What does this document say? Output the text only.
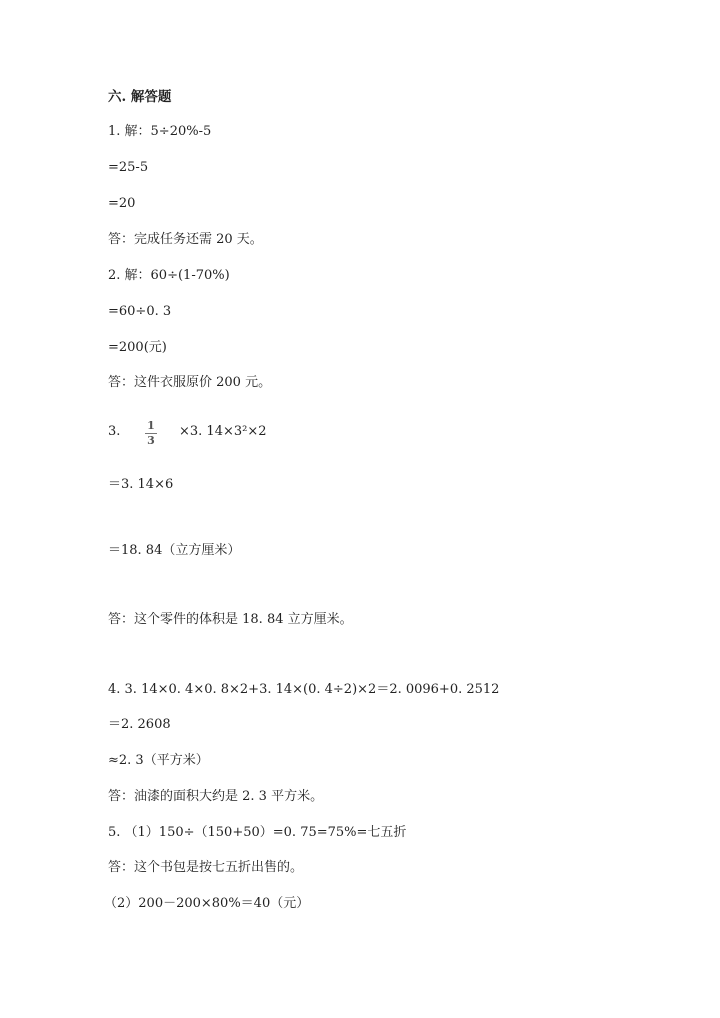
六. 解答题
1. 解：5÷20%-5
=25-5
=20
答：完成任务还需 20 天。
2. 解：60÷(1-70%)
=60÷0. 3
=200(元)
答：这件衣服原价 200 元。
3. 1
3
×3. 14×3²×2
＝3. 14×6
＝18. 84（立方厘米）
答：这个零件的体积是 18. 84 立方厘米。
4. 3. 14×0. 4×0. 8×2+3. 14×(0. 4÷2)×2＝2. 0096+0. 2512
＝2. 2608
≈2. 3（平方米）
答：油漆的面积大约是 2. 3 平方米。
5. （1）150÷（150+50）=0. 75=75%=七五折
答：这个书包是按七五折出售的。
（2）200－200×80%＝40（元）
